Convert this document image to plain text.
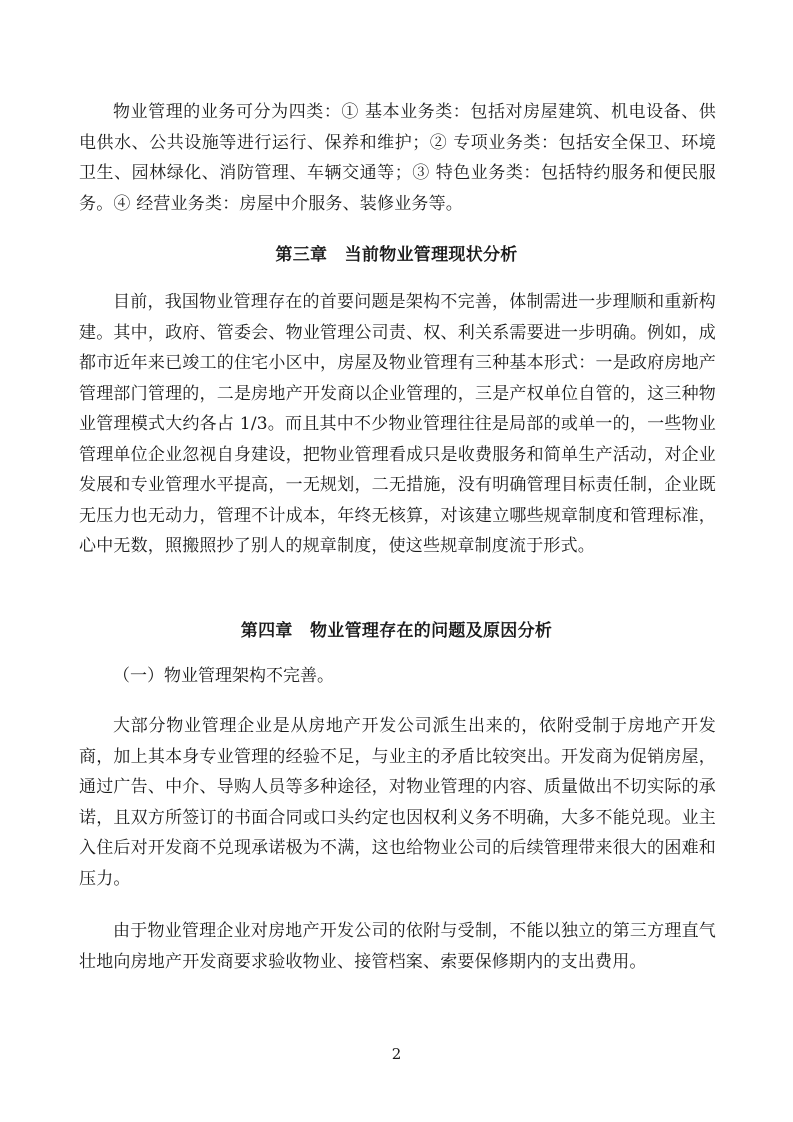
物业管理的业务可分为四类：① 基本业务类：包括对房屋建筑、机电设备、供电供水、公共设施等进行运行、保养和维护；② 专项业务类：包括安全保卫、环境卫生、园林绿化、消防管理、车辆交通等；③ 特色业务类：包括特约服务和便民服务。④ 经营业务类：房屋中介服务、装修业务等。

第三章　当前物业管理现状分析

目前，我国物业管理存在的首要问题是架构不完善，体制需进一步理顺和重新构建。其中，政府、管委会、物业管理公司责、权、利关系需要进一步明确。例如，成都市近年来已竣工的住宅小区中，房屋及物业管理有三种基本形式：一是政府房地产管理部门管理的，二是房地产开发商以企业管理的，三是产权单位自管的，这三种物业管理模式大约各占 1/3。而且其中不少物业管理往往是局部的或单一的，一些物业管理单位企业忽视自身建设，把物业管理看成只是收费服务和简单生产活动，对企业发展和专业管理水平提高，一无规划，二无措施，没有明确管理目标责任制，企业既无压力也无动力，管理不计成本，年终无核算，对该建立哪些规章制度和管理标准，心中无数，照搬照抄了别人的规章制度，使这些规章制度流于形式。

第四章　物业管理存在的问题及原因分析

（一）物业管理架构不完善。

大部分物业管理企业是从房地产开发公司派生出来的，依附受制于房地产开发商，加上其本身专业管理的经验不足，与业主的矛盾比较突出。开发商为促销房屋，通过广告、中介、导购人员等多种途径，对物业管理的内容、质量做出不切实际的承诺，且双方所签订的书面合同或口头约定也因权利义务不明确，大多不能兑现。业主入住后对开发商不兑现承诺极为不满，这也给物业公司的后续管理带来很大的困难和压力。

由于物业管理企业对房地产开发公司的依附与受制，不能以独立的第三方理直气壮地向房地产开发商要求验收物业、接管档案、索要保修期内的支出费用。

2
